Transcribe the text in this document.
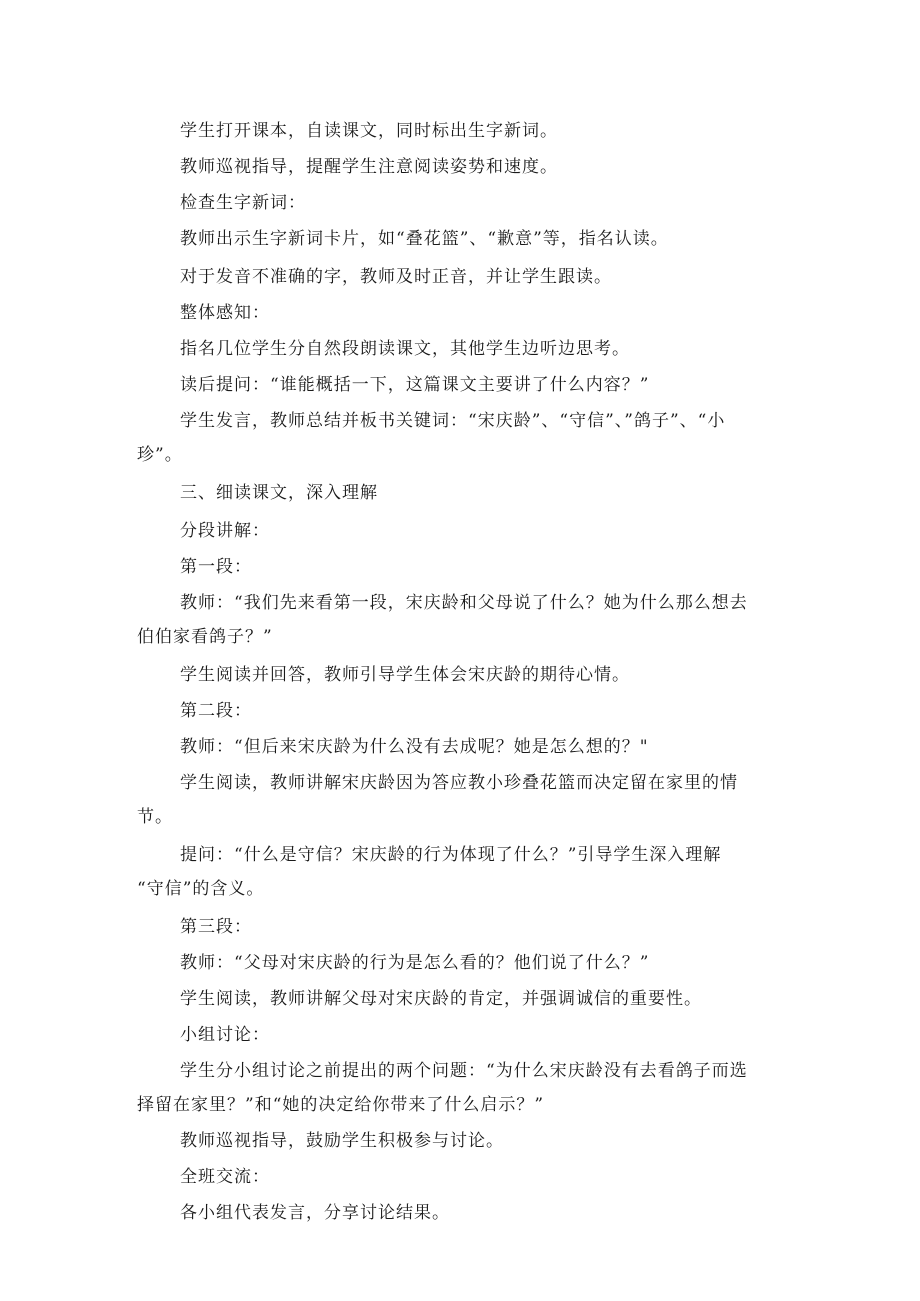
学生打开课本，自读课文，同时标出生字新词。

教师巡视指导，提醒学生注意阅读姿势和速度。

检查生字新词：

教师出示生字新词卡片，如“叠花篮”、“歉意”等，指名认读。

对于发音不准确的字，教师及时正音，并让学生跟读。

整体感知：

指名几位学生分自然段朗读课文，其他学生边听边思考。

读后提问：“谁能概括一下，这篇课文主要讲了什么内容？”

学生发言，教师总结并板书关键词：“宋庆龄”、“守信”、”鸽子”、“小

珍”。

三、细读课文，深入理解

分段讲解：

第一段：

教师：“我们先来看第一段，宋庆龄和父母说了什么？她为什么那么想去

伯伯家看鸽子？”

学生阅读并回答，教师引导学生体会宋庆龄的期待心情。

第二段：

教师：“但后来宋庆龄为什么没有去成呢？她是怎么想的？"

学生阅读，教师讲解宋庆龄因为答应教小珍叠花篮而决定留在家里的情

节。

提问：“什么是守信？宋庆龄的行为体现了什么？”引导学生深入理解

“守信”的含义。

第三段：

教师：“父母对宋庆龄的行为是怎么看的？他们说了什么？”

学生阅读，教师讲解父母对宋庆龄的肯定，并强调诚信的重要性。

小组讨论：

学生分小组讨论之前提出的两个问题：“为什么宋庆龄没有去看鸽子而选

择留在家里？”和“她的决定给你带来了什么启示？”

教师巡视指导，鼓励学生积极参与讨论。

全班交流：

各小组代表发言，分享讨论结果。
